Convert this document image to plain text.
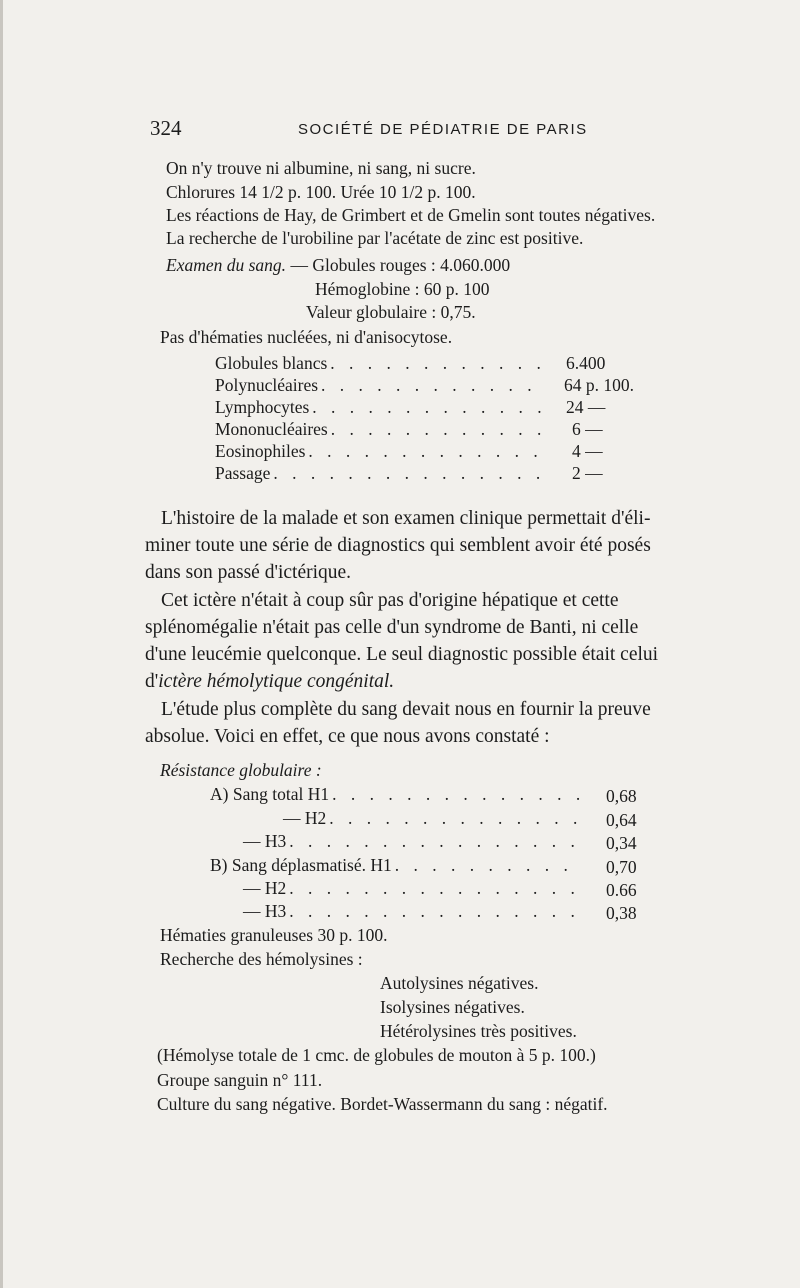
324	SOCIÉTÉ DE PÉDIATRIE DE PARIS
On n'y trouve ni albumine, ni sang, ni sucre.
Chlorures 14 1/2 p. 100. Urée 10 1/2 p. 100.
Les réactions de Hay, de Grimbert et de Gmelin sont toutes négatives.
La recherche de l'urobiline par l'acétate de zinc est positive.
Examen du sang. — Globules rouges : 4.060.000
Hémoglobine : 60 p. 100
Valeur globulaire : 0,75.
Pas d'hématies nucléées, ni d'anisocytose.
Globules blancs . . .	6.400
Polynucléaires . . .	64 p. 100.
Lymphocytes . . .	24 —
Mononucléaires . . .	6 —
Eosinophiles . . .	4 —
Passage . . .	2 —
L'histoire de la malade et son examen clinique permettait d'éli-
miner toute une série de diagnostics qui semblent avoir été posés
dans son passé d'ictérique.
Cet ictère n'était à coup sûr pas d'origine hépatique et cette
splénomégalie n'était pas celle d'un syndrome de Banti, ni celle
d'une leucémie quelconque. Le seul diagnostic possible était celui
d'ictère hémolytique congénital.
L'étude plus complète du sang devait nous en fournir la preuve
absolue. Voici en effet, ce que nous avons constaté :
Résistance globulaire :
A) Sang total H1 . . .	0,68
— H2 . . .	0,64
— H3 . . .	0,34
B) Sang déplasmatisé. H1 . . .	0,70
— H2 . . .	0.66
— H3 . . .	0,38
Hématies granuleuses 30 p. 100.
Recherche des hémolysines :
Autolysines négatives.
Isolysines négatives.
Hétérolysines très positives.
(Hémolyse totale de 1 cmc. de globules de mouton à 5 p. 100.)
Groupe sanguin n° 111.
Culture du sang négative. Bordet-Wassermann du sang : négatif.
